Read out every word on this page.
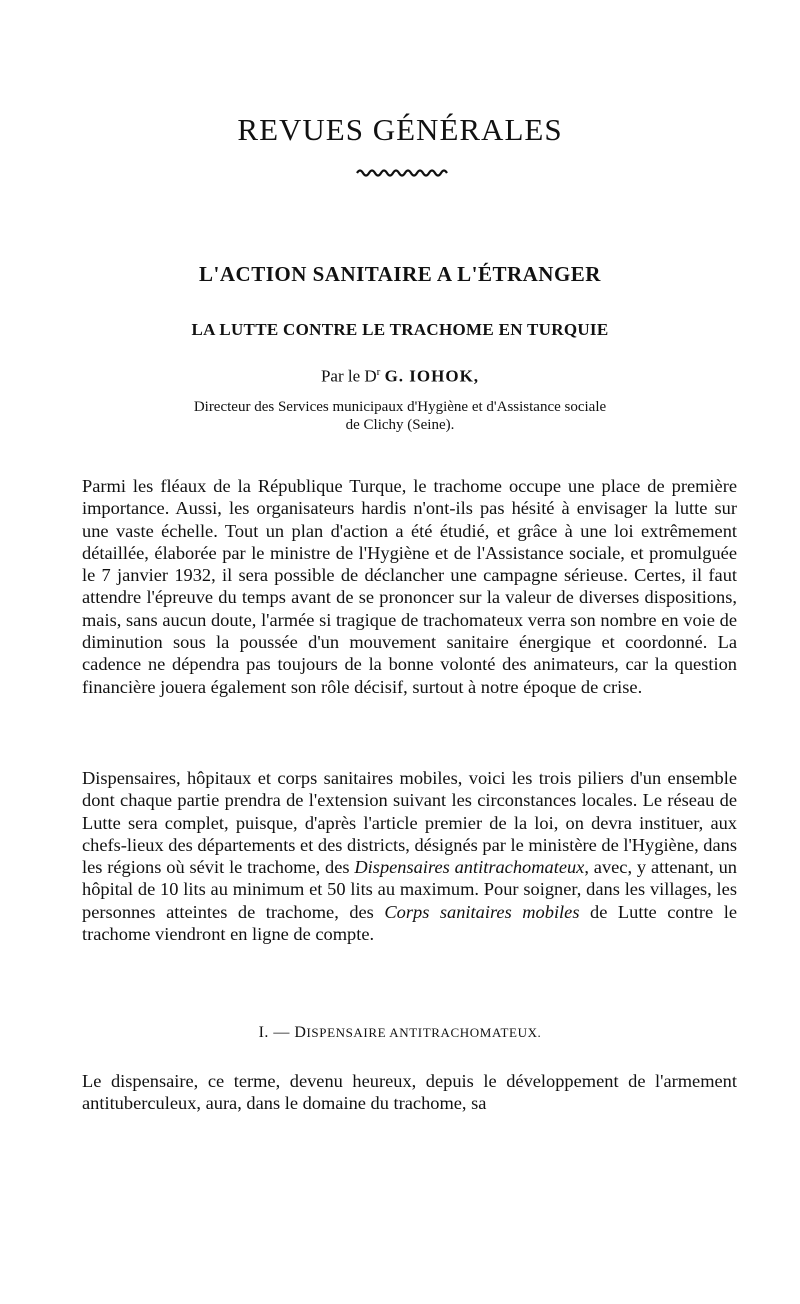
REVUES GÉNÉRALES
L'ACTION SANITAIRE A L'ÉTRANGER
LA LUTTE CONTRE LE TRACHOME EN TURQUIE
Par le $D^r$ G. IOHOK,
Directeur des Services municipaux d'Hygiène et d'Assistance sociale
de Clichy (Seine).

Parmi les fléaux de la République Turque, le trachome occupe une place de première importance. Aussi, les organisateurs hardis n'ont-ils pas hésité à envisager la lutte sur une vaste échelle. Tout un plan d'action a été étudié, et grâce à une loi extrêmement détaillée, élaborée par le ministre de l'Hygiène et de l'Assistance sociale, et promulguée le 7 janvier 1932, il sera possible de déclancher une campagne sérieuse. Certes, il faut attendre l'épreuve du temps avant de se prononcer sur la valeur de diverses dispositions, mais, sans aucun doute, l'armée si tragique de trachomateux verra son nombre en voie de diminution sous la poussée d'un mouvement sanitaire énergique et coordonné. La cadence ne dépendra pas toujours de la bonne volonté des animateurs, car la question financière jouera également son rôle décisif, surtout à notre époque de crise.

Dispensaires, hôpitaux et corps sanitaires mobiles, voici les trois piliers d'un ensemble dont chaque partie prendra de l'extension suivant les circonstances locales. Le réseau de Lutte sera complet, puisque, d'après l'article premier de la loi, on devra instituer, aux chefs-lieux des départements et des districts, désignés par le ministère de l'Hygiène, dans les régions où sévit le trachome, des Dispensaires antitrachomateux, avec, y attenant, un hôpital de 10 lits au minimum et 50 lits au maximum. Pour soigner, dans les villages, les personnes atteintes de trachome, des Corps sanitaires mobiles de Lutte contre le trachome viendront en ligne de compte.

I. — DISPENSAIRE ANTITRACHOMATEUX.

Le dispensaire, ce terme, devenu heureux, depuis le développement de l'armement antituberculeux, aura, dans le domaine du trachome, sa
